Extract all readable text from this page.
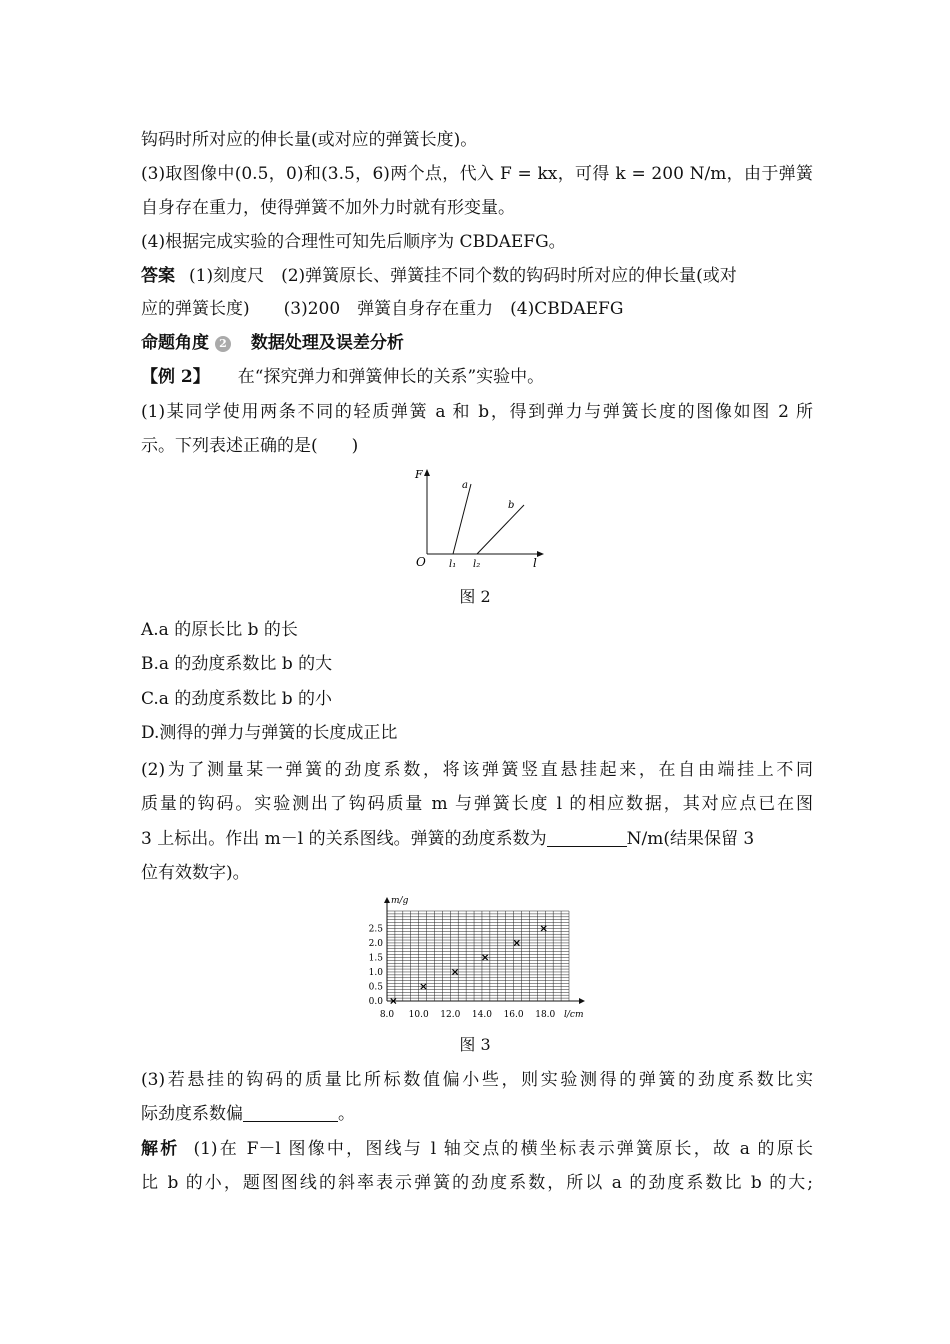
钩码时所对应的伸长量(或对应的弹簧长度)。
(3)取图像中(0.5，0)和(3.5，6)两个点，代入 F = kx，可得 k = 200 N/m，由于弹簧
自身存在重力，使得弹簧不加外力时就有形变量。
(4)根据完成实验的合理性可知先后顺序为 CBDAEFG。
答案 (1)刻度尺　(2)弹簧原长、弹簧挂不同个数的钩码时所对应的伸长量(或对
应的弹簧长度)　　(3)200　弹簧自身存在重力　(4)CBDAEFG
命题角度 2 数据处理及误差分析
【例 2】 在“探究弹力和弹簧伸长的关系”实验中。
(1)某同学使用两条不同的轻质弹簧 a 和 b，得到弹力与弹簧长度的图像如图 2 所
示。下列表述正确的是(　　)
F
O	l
a
b
l₁ l₂
图 2
A.a 的原长比 b 的长
B.a 的劲度系数比 b 的大
C.a 的劲度系数比 b 的小
D.测得的弹力与弹簧的长度成正比
(2)为了测量某一弹簧的劲度系数，将该弹簧竖直悬挂起来，在自由端挂上不同
质量的钩码。实验测出了钩码质量 m 与弹簧长度 l 的相应数据，其对应点已在图
3 上标出。作出 m－l 的关系图线。弹簧的劲度系数为	N/m(结果保留 3
位有效数字)。
m/g
l/cm
8.0 10.0 12.0 14.0 16.0 18.0
0.0
0.5
1.0
1.5
2.0
2.5
图 3
(3)若悬挂的钩码的质量比所标数值偏小些，则实验测得的弹簧的劲度系数比实
际劲度系数偏	。
解析 (1)在 F－l 图像中，图线与 l 轴交点的横坐标表示弹簧原长，故 a 的原长
比 b 的小，题图图线的斜率表示弹簧的劲度系数，所以 a 的劲度系数比 b 的大;
